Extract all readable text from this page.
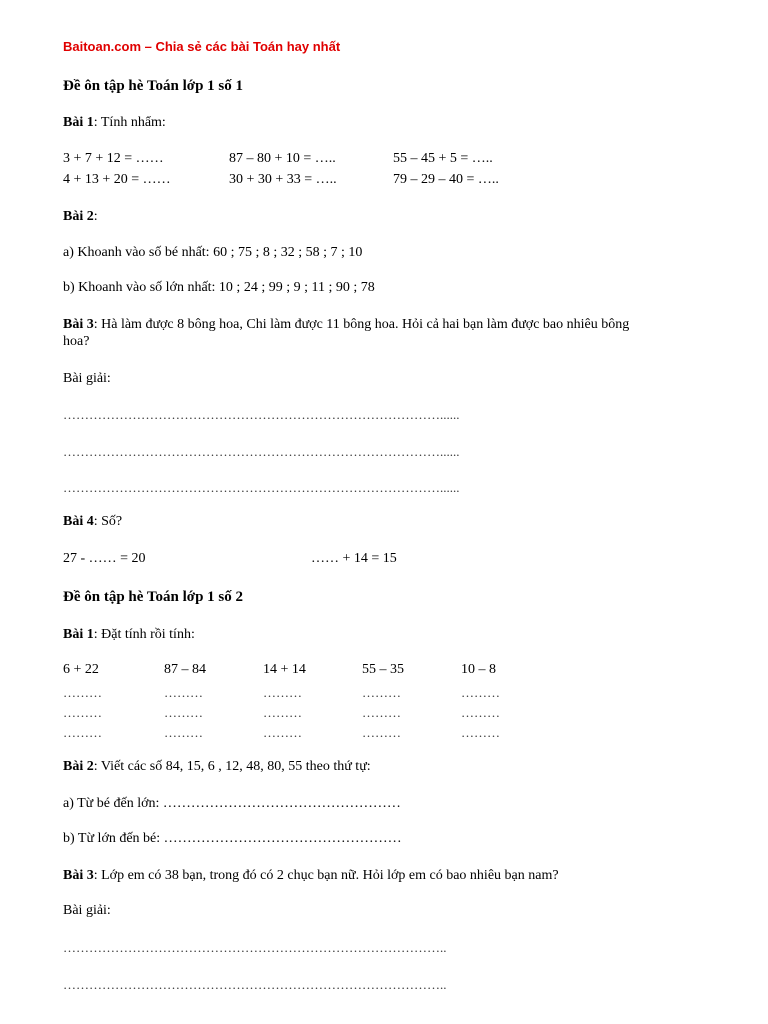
Baitoan.com – Chia sẻ các bài Toán hay nhất
Đề ôn tập hè Toán lớp 1 số 1
Bài 1: Tính nhẩm:
3 + 7 + 12 = ……	87 – 80 + 10 = …..	55 – 45 + 5 = …..
4 + 13 + 20 = ……	30 + 30 + 33 = …..	79 – 29 – 40 = …..
Bài 2:
a) Khoanh vào số bé nhất: 60 ; 75 ; 8 ; 32 ; 58 ; 7 ; 10
b) Khoanh vào số lớn nhất: 10 ; 24 ; 99 ; 9 ; 11 ; 90 ; 78
Bài 3: Hà làm được 8 bông hoa, Chi làm được 11 bông hoa. Hỏi cả hai bạn làm được bao nhiêu bông
hoa?
Bài giải:
……………………………………………………………………………......
……………………………………………………………………………......
……………………………………………………………………………......
Bài 4: Số?
27 - …… = 20	…… + 14 = 15
Đề ôn tập hè Toán lớp 1 số 2
Bài 1: Đặt tính rồi tính:
6 + 22	87 – 84	14 + 14	55 – 35	10 – 8
………	………	………	………	………
………	………	………	………	………
………	………	………	………	………
Bài 2: Viết các số 84, 15, 6 , 12, 48, 80, 55 theo thứ tự:
a) Từ bé đến lớn: ……………………………………………
b) Từ lớn đến bé: ……………………………………………
Bài 3: Lớp em có 38 bạn, trong đó có 2 chục bạn nữ. Hỏi lớp em có bao nhiêu bạn nam?
Bài giải:
……………………………………………………………………………..
……………………………………………………………………………..
